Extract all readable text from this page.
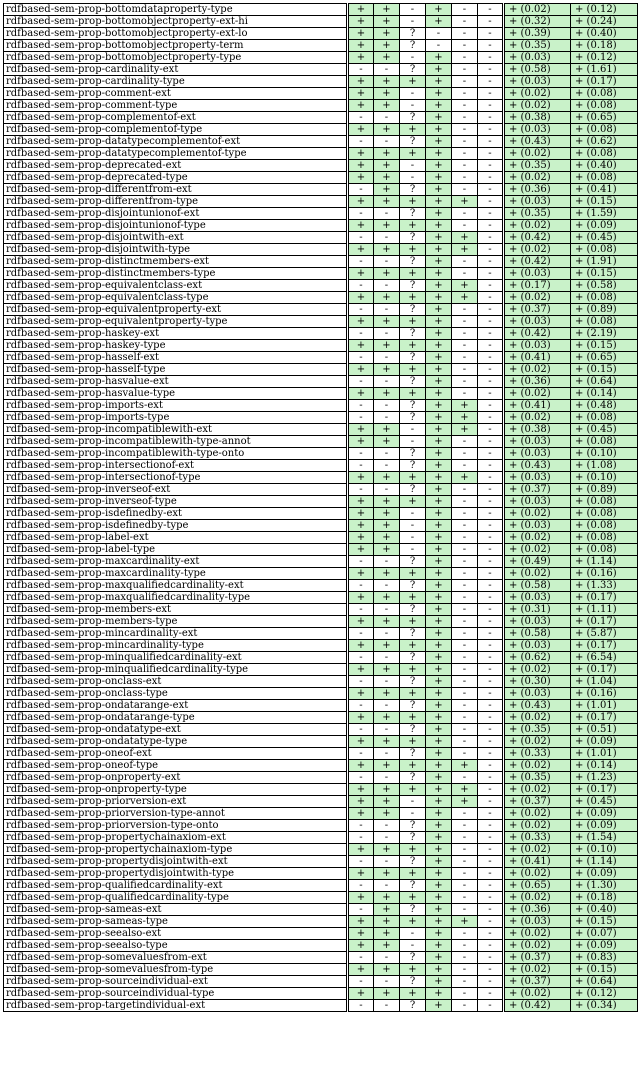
rdfbased-sem-prop-bottomdataproperty-type	+	+	-	+	-	-	+ (0.02)	+ (0.12)
rdfbased-sem-prop-bottomobjectproperty-ext-hi	+	+	-	+	-	-	+ (0.32)	+ (0.24)
rdfbased-sem-prop-bottomobjectproperty-ext-lo	+	+	?	-	-	-	+ (0.39)	+ (0.40)
rdfbased-sem-prop-bottomobjectproperty-term	+	+	?	-	-	-	+ (0.35)	+ (0.18)
rdfbased-sem-prop-bottomobjectproperty-type	+	+	-	+	-	-	+ (0.03)	+ (0.12)
rdfbased-sem-prop-cardinality-ext	-	-	?	+	-	-	+ (0.58)	+ (1.61)
rdfbased-sem-prop-cardinality-type	+	+	+	+	-	-	+ (0.03)	+ (0.17)
rdfbased-sem-prop-comment-ext	+	+	-	+	-	-	+ (0.02)	+ (0.08)
rdfbased-sem-prop-comment-type	+	+	-	+	-	-	+ (0.02)	+ (0.08)
rdfbased-sem-prop-complementof-ext	-	-	?	+	-	-	+ (0.38)	+ (0.65)
rdfbased-sem-prop-complementof-type	+	+	+	+	-	-	+ (0.03)	+ (0.08)
rdfbased-sem-prop-datatypecomplementof-ext	-	-	?	+	-	-	+ (0.43)	+ (0.62)
rdfbased-sem-prop-datatypecomplementof-type	+	+	+	+	-	-	+ (0.02)	+ (0.08)
rdfbased-sem-prop-deprecated-ext	+	+	-	+	-	-	+ (0.35)	+ (0.40)
rdfbased-sem-prop-deprecated-type	+	+	-	+	-	-	+ (0.02)	+ (0.08)
rdfbased-sem-prop-differentfrom-ext	-	+	?	+	-	-	+ (0.36)	+ (0.41)
rdfbased-sem-prop-differentfrom-type	+	+	+	+	+	-	+ (0.03)	+ (0.15)
rdfbased-sem-prop-disjointunionof-ext	-	-	?	+	-	-	+ (0.35)	+ (1.59)
rdfbased-sem-prop-disjointunionof-type	+	+	+	+	-	-	+ (0.02)	+ (0.09)
rdfbased-sem-prop-disjointwith-ext	-	-	?	+	+	-	+ (0.42)	+ (0.45)
rdfbased-sem-prop-disjointwith-type	+	+	+	+	+	-	+ (0.02)	+ (0.08)
rdfbased-sem-prop-distinctmembers-ext	-	-	?	+	-	-	+ (0.42)	+ (1.91)
rdfbased-sem-prop-distinctmembers-type	+	+	+	+	-	-	+ (0.03)	+ (0.15)
rdfbased-sem-prop-equivalentclass-ext	-	-	?	+	+	-	+ (0.17)	+ (0.58)
rdfbased-sem-prop-equivalentclass-type	+	+	+	+	+	-	+ (0.02)	+ (0.08)
rdfbased-sem-prop-equivalentproperty-ext	-	-	?	+	-	-	+ (0.37)	+ (0.89)
rdfbased-sem-prop-equivalentproperty-type	+	+	+	+	-	-	+ (0.03)	+ (0.08)
rdfbased-sem-prop-haskey-ext	-	-	?	+	-	-	+ (0.42)	+ (2.19)
rdfbased-sem-prop-haskey-type	+	+	+	+	-	-	+ (0.03)	+ (0.15)
rdfbased-sem-prop-hasself-ext	-	-	?	+	-	-	+ (0.41)	+ (0.65)
rdfbased-sem-prop-hasself-type	+	+	+	+	-	-	+ (0.02)	+ (0.15)
rdfbased-sem-prop-hasvalue-ext	-	-	?	+	-	-	+ (0.36)	+ (0.64)
rdfbased-sem-prop-hasvalue-type	+	+	+	+	-	-	+ (0.02)	+ (0.14)
rdfbased-sem-prop-imports-ext	-	-	?	+	+	-	+ (0.41)	+ (0.48)
rdfbased-sem-prop-imports-type	-	-	?	+	+	-	+ (0.02)	+ (0.08)
rdfbased-sem-prop-incompatiblewith-ext	+	+	-	+	+	-	+ (0.38)	+ (0.45)
rdfbased-sem-prop-incompatiblewith-type-annot	+	+	-	+	-	-	+ (0.03)	+ (0.08)
rdfbased-sem-prop-incompatiblewith-type-onto	-	-	?	+	-	-	+ (0.03)	+ (0.10)
rdfbased-sem-prop-intersectionof-ext	-	-	?	+	-	-	+ (0.43)	+ (1.08)
rdfbased-sem-prop-intersectionof-type	+	+	+	+	+	-	+ (0.03)	+ (0.10)
rdfbased-sem-prop-inverseof-ext	-	-	?	+	-	-	+ (0.37)	+ (0.89)
rdfbased-sem-prop-inverseof-type	+	+	+	+	-	-	+ (0.03)	+ (0.08)
rdfbased-sem-prop-isdefinedby-ext	+	+	-	+	-	-	+ (0.02)	+ (0.08)
rdfbased-sem-prop-isdefinedby-type	+	+	-	+	-	-	+ (0.03)	+ (0.08)
rdfbased-sem-prop-label-ext	+	+	-	+	-	-	+ (0.02)	+ (0.08)
rdfbased-sem-prop-label-type	+	+	-	+	-	-	+ (0.02)	+ (0.08)
rdfbased-sem-prop-maxcardinality-ext	-	-	?	+	-	-	+ (0.49)	+ (1.14)
rdfbased-sem-prop-maxcardinality-type	+	+	+	+	-	-	+ (0.02)	+ (0.16)
rdfbased-sem-prop-maxqualifiedcardinality-ext	-	-	?	+	-	-	+ (0.58)	+ (1.33)
rdfbased-sem-prop-maxqualifiedcardinality-type	+	+	+	+	-	-	+ (0.03)	+ (0.17)
rdfbased-sem-prop-members-ext	-	-	?	+	-	-	+ (0.31)	+ (1.11)
rdfbased-sem-prop-members-type	+	+	+	+	-	-	+ (0.03)	+ (0.17)
rdfbased-sem-prop-mincardinality-ext	-	-	?	+	-	-	+ (0.58)	+ (5.87)
rdfbased-sem-prop-mincardinality-type	+	+	+	+	-	-	+ (0.03)	+ (0.17)
rdfbased-sem-prop-minqualifiedcardinality-ext	-	-	?	+	-	-	+ (0.62)	+ (6.54)
rdfbased-sem-prop-minqualifiedcardinality-type	+	+	+	+	-	-	+ (0.02)	+ (0.17)
rdfbased-sem-prop-onclass-ext	-	-	?	+	-	-	+ (0.30)	+ (1.04)
rdfbased-sem-prop-onclass-type	+	+	+	+	-	-	+ (0.03)	+ (0.16)
rdfbased-sem-prop-ondatarange-ext	-	-	?	+	-	-	+ (0.43)	+ (1.01)
rdfbased-sem-prop-ondatarange-type	+	+	+	+	-	-	+ (0.02)	+ (0.17)
rdfbased-sem-prop-ondatatype-ext	-	-	?	+	-	-	+ (0.35)	+ (0.51)
rdfbased-sem-prop-ondatatype-type	+	+	+	+	-	-	+ (0.02)	+ (0.09)
rdfbased-sem-prop-oneof-ext	-	-	?	+	-	-	+ (0.33)	+ (1.01)
rdfbased-sem-prop-oneof-type	+	+	+	+	+	-	+ (0.02)	+ (0.14)
rdfbased-sem-prop-onproperty-ext	-	-	?	+	-	-	+ (0.35)	+ (1.23)
rdfbased-sem-prop-onproperty-type	+	+	+	+	+	-	+ (0.02)	+ (0.17)
rdfbased-sem-prop-priorversion-ext	+	+	-	+	+	-	+ (0.37)	+ (0.45)
rdfbased-sem-prop-priorversion-type-annot	+	+	-	+	-	-	+ (0.02)	+ (0.09)
rdfbased-sem-prop-priorversion-type-onto	-	-	?	+	-	-	+ (0.02)	+ (0.09)
rdfbased-sem-prop-propertychainaxiom-ext	-	-	?	+	-	-	+ (0.33)	+ (1.54)
rdfbased-sem-prop-propertychainaxiom-type	+	+	+	+	-	-	+ (0.02)	+ (0.10)
rdfbased-sem-prop-propertydisjointwith-ext	-	-	?	+	-	-	+ (0.41)	+ (1.14)
rdfbased-sem-prop-propertydisjointwith-type	+	+	+	+	-	-	+ (0.02)	+ (0.09)
rdfbased-sem-prop-qualifiedcardinality-ext	-	-	?	+	-	-	+ (0.65)	+ (1.30)
rdfbased-sem-prop-qualifiedcardinality-type	+	+	+	+	-	-	+ (0.02)	+ (0.18)
rdfbased-sem-prop-sameas-ext	-	+	?	+	-	-	+ (0.36)	+ (0.40)
rdfbased-sem-prop-sameas-type	+	+	+	+	+	-	+ (0.03)	+ (0.15)
rdfbased-sem-prop-seealso-ext	+	+	-	+	-	-	+ (0.02)	+ (0.07)
rdfbased-sem-prop-seealso-type	+	+	-	+	-	-	+ (0.02)	+ (0.09)
rdfbased-sem-prop-somevaluesfrom-ext	-	-	?	+	-	-	+ (0.37)	+ (0.83)
rdfbased-sem-prop-somevaluesfrom-type	+	+	+	+	-	-	+ (0.02)	+ (0.15)
rdfbased-sem-prop-sourceindividual-ext	-	-	?	+	-	-	+ (0.37)	+ (0.64)
rdfbased-sem-prop-sourceindividual-type	+	+	+	+	-	-	+ (0.02)	+ (0.12)
rdfbased-sem-prop-targetindividual-ext	-	-	?	+	-	-	+ (0.42)	+ (0.34)
